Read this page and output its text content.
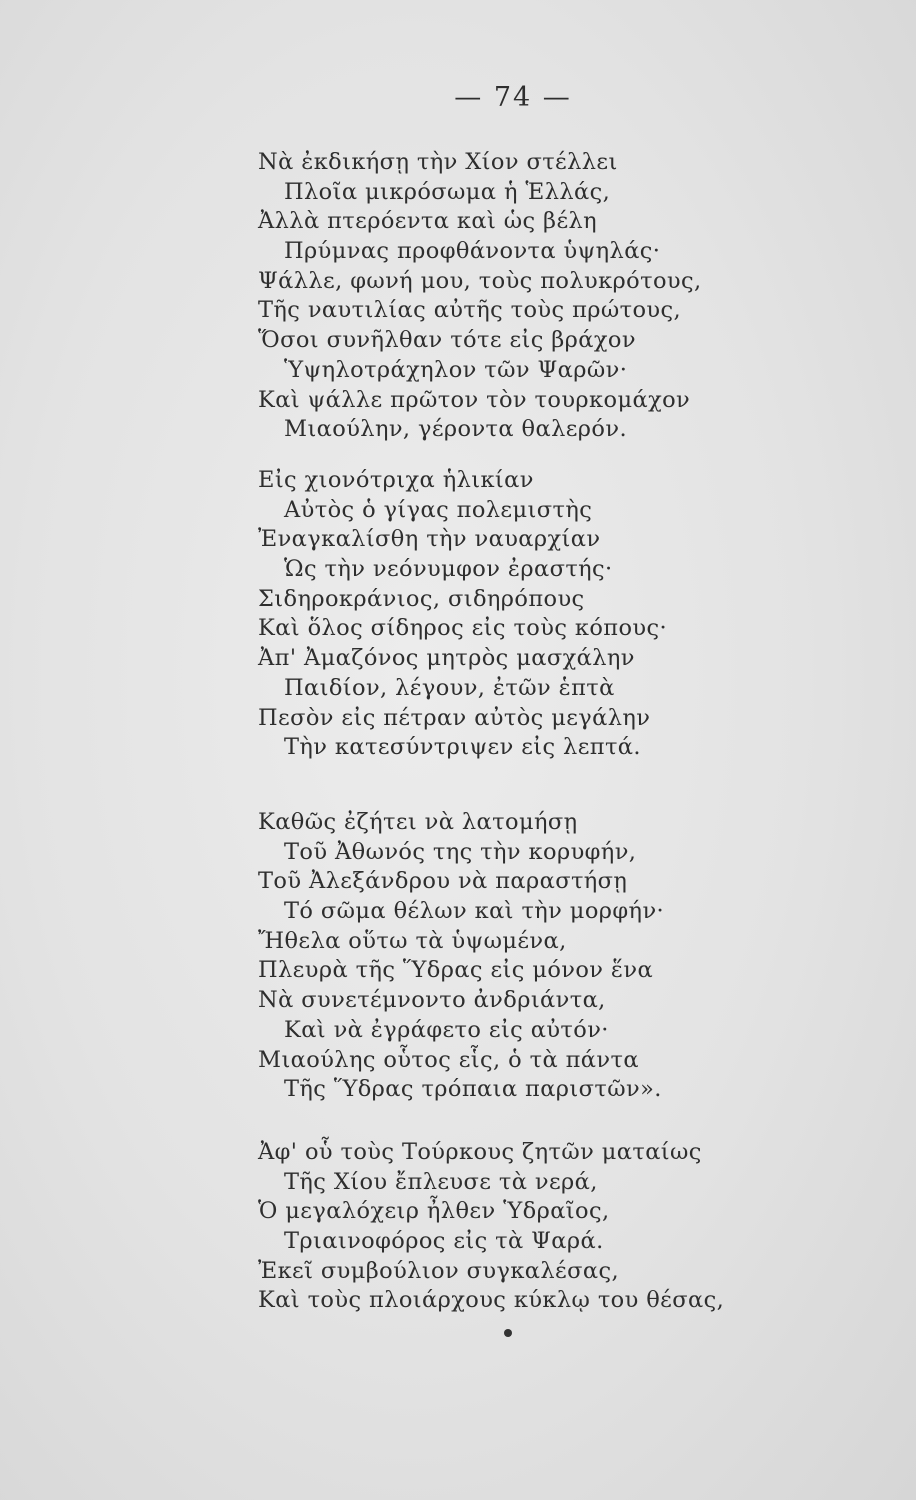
— 74 —
Νὰ ἐκδικήσῃ τὴν Χίον στέλλει
Πλοῖα μικρόσωμα ἡ Ἑλλάς,
Ἀλλὰ πτερόεντα καὶ ὡς βέλη
Πρύμνας προφθάνοντα ὑψηλάς·
Ψάλλε, φωνή μου, τοὺς πολυκρότους,
Τῆς ναυτιλίας αὐτῆς τοὺς πρώτους,
Ὅσοι συνῆλθαν τότε εἰς βράχον
Ὑψηλοτράχηλον τῶν Ψαρῶν·
Καὶ ψάλλε πρῶτον τὸν τουρκομάχον
Μιαούλην, γέροντα θαλερόν.
Εἰς χιονότριχα ἡλικίαν
Αὐτὸς ὁ γίγας πολεμιστὴς
Ἐναγκαλίσθη τὴν ναυαρχίαν
Ὡς τὴν νεόνυμφον ἐραστής·
Σιδηροκράνιος, σιδηρόπους
Καὶ ὅλος σίδηρος εἰς τοὺς κόπους·
Ἀπ' Ἀμαζόνος μητρὸς μασχάλην
Παιδίον, λέγουν, ἐτῶν ἑπτὰ
Πεσὸν εἰς πέτραν αὐτὸς μεγάλην
Τὴν κατεσύντριψεν εἰς λεπτά.
Καθῶς ἐζήτει νὰ λατομήσῃ
Τοῦ Ἀθωνός της τὴν κορυφήν,
Τοῦ Ἀλεξάνδρου νὰ παραστήσῃ
Τό σῶμα θέλων καὶ τὴν μορφήν·
Ἤθελα οὕτω τὰ ὑψωμένα,
Πλευρὰ τῆς Ὕδρας εἰς μόνον ἕνα
Νὰ συνετέμνοντο ἀνδριάντα,
Καὶ νὰ ἐγράφετο εἰς αὐτόν·
Μιαούλης οὗτος εἷς, ὁ τὰ πάντα
Τῆς Ὕδρας τρόπαια παριστῶν».
Ἀφ' οὗ τοὺς Τούρκους ζητῶν ματαίως
Τῆς Χίου ἔπλευσε τὰ νερά,
Ὁ μεγαλόχειρ ἦλθεν Ὑδραῖος,
Τριαινοφόρος εἰς τὰ Ψαρά.
Ἐκεῖ συμβούλιον συγκαλέσας,
Καὶ τοὺς πλοιάρχους κύκλῳ του θέσας,
